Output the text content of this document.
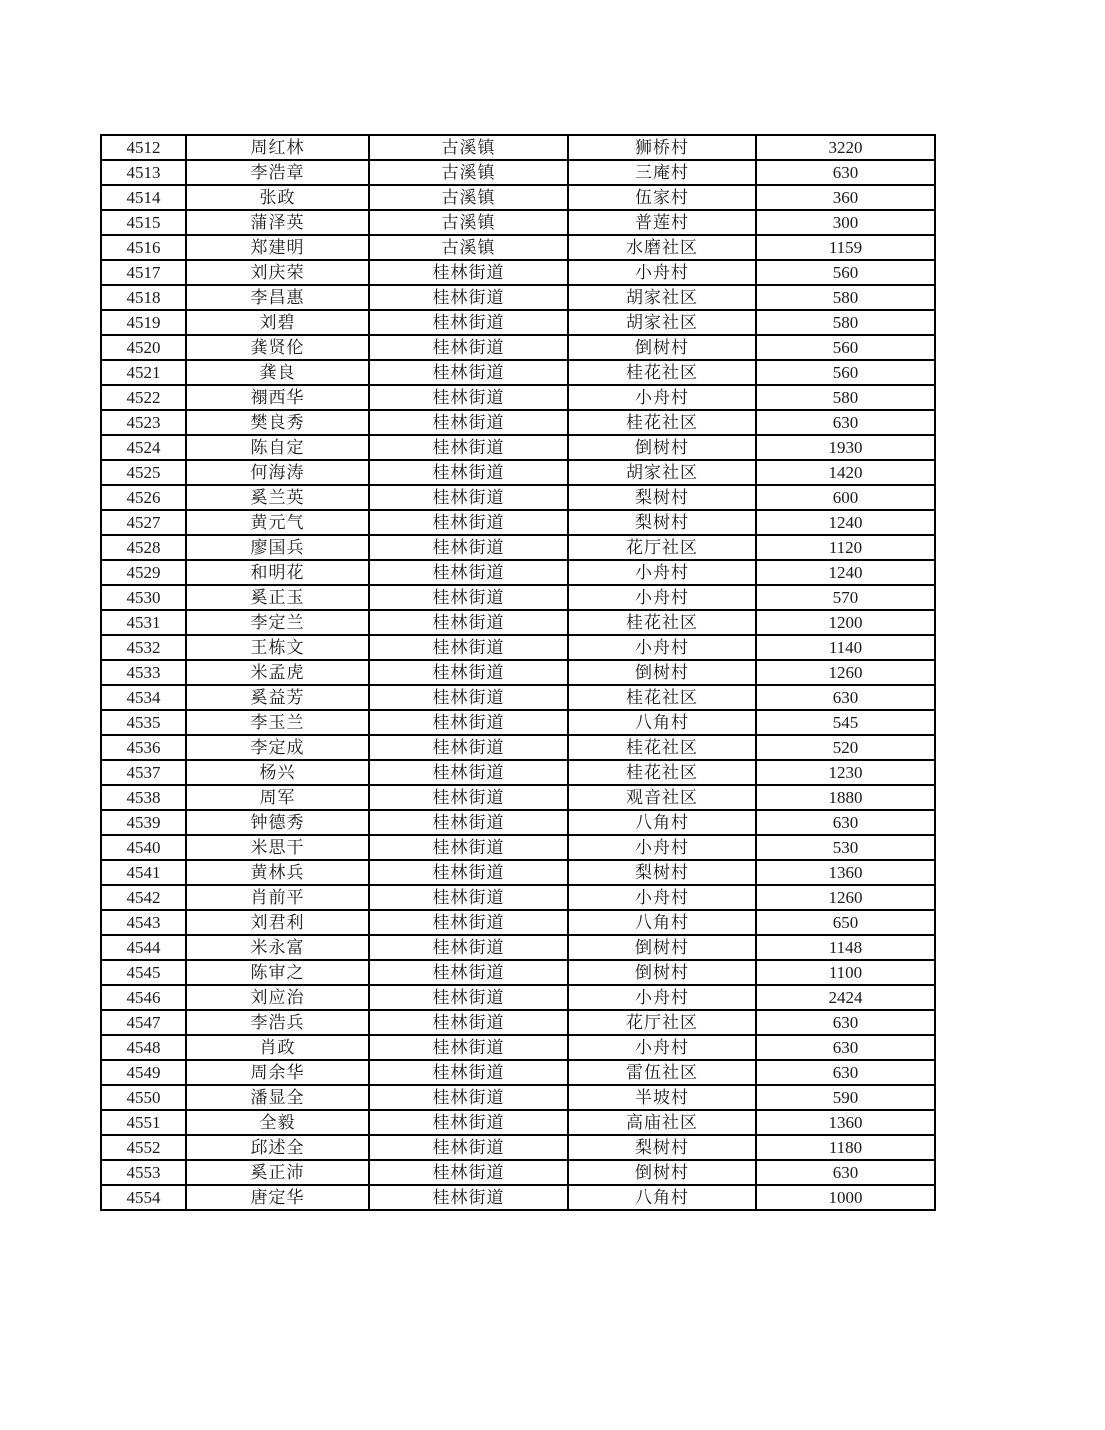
4512	周红林	古溪镇	狮桥村	3220
4513	李浩章	古溪镇	三庵村	630
4514	张政	古溪镇	伍家村	360
4515	蒲泽英	古溪镇	普莲村	300
4516	郑建明	古溪镇	水磨社区	1159
4517	刘庆荣	桂林街道	小舟村	560
4518	李昌惠	桂林街道	胡家社区	580
4519	刘碧	桂林街道	胡家社区	580
4520	龚贤伦	桂林街道	倒树村	560
4521	龚良	桂林街道	桂花社区	560
4522	禤西华	桂林街道	小舟村	580
4523	樊良秀	桂林街道	桂花社区	630
4524	陈自定	桂林街道	倒树村	1930
4525	何海涛	桂林街道	胡家社区	1420
4526	奚兰英	桂林街道	梨树村	600
4527	黄元气	桂林街道	梨树村	1240
4528	廖国兵	桂林街道	花厅社区	1120
4529	和明花	桂林街道	小舟村	1240
4530	奚正玉	桂林街道	小舟村	570
4531	李定兰	桂林街道	桂花社区	1200
4532	王栋文	桂林街道	小舟村	1140
4533	米孟虎	桂林街道	倒树村	1260
4534	奚益芳	桂林街道	桂花社区	630
4535	李玉兰	桂林街道	八角村	545
4536	李定成	桂林街道	桂花社区	520
4537	杨兴	桂林街道	桂花社区	1230
4538	周军	桂林街道	观音社区	1880
4539	钟德秀	桂林街道	八角村	630
4540	米思干	桂林街道	小舟村	530
4541	黄林兵	桂林街道	梨树村	1360
4542	肖前平	桂林街道	小舟村	1260
4543	刘君利	桂林街道	八角村	650
4544	米永富	桂林街道	倒树村	1148
4545	陈审之	桂林街道	倒树村	1100
4546	刘应治	桂林街道	小舟村	2424
4547	李浩兵	桂林街道	花厅社区	630
4548	肖政	桂林街道	小舟村	630
4549	周余华	桂林街道	雷伍社区	630
4550	潘显全	桂林街道	半坡村	590
4551	全毅	桂林街道	高庙社区	1360
4552	邱述全	桂林街道	梨树村	1180
4553	奚正沛	桂林街道	倒树村	630
4554	唐定华	桂林街道	八角村	1000
